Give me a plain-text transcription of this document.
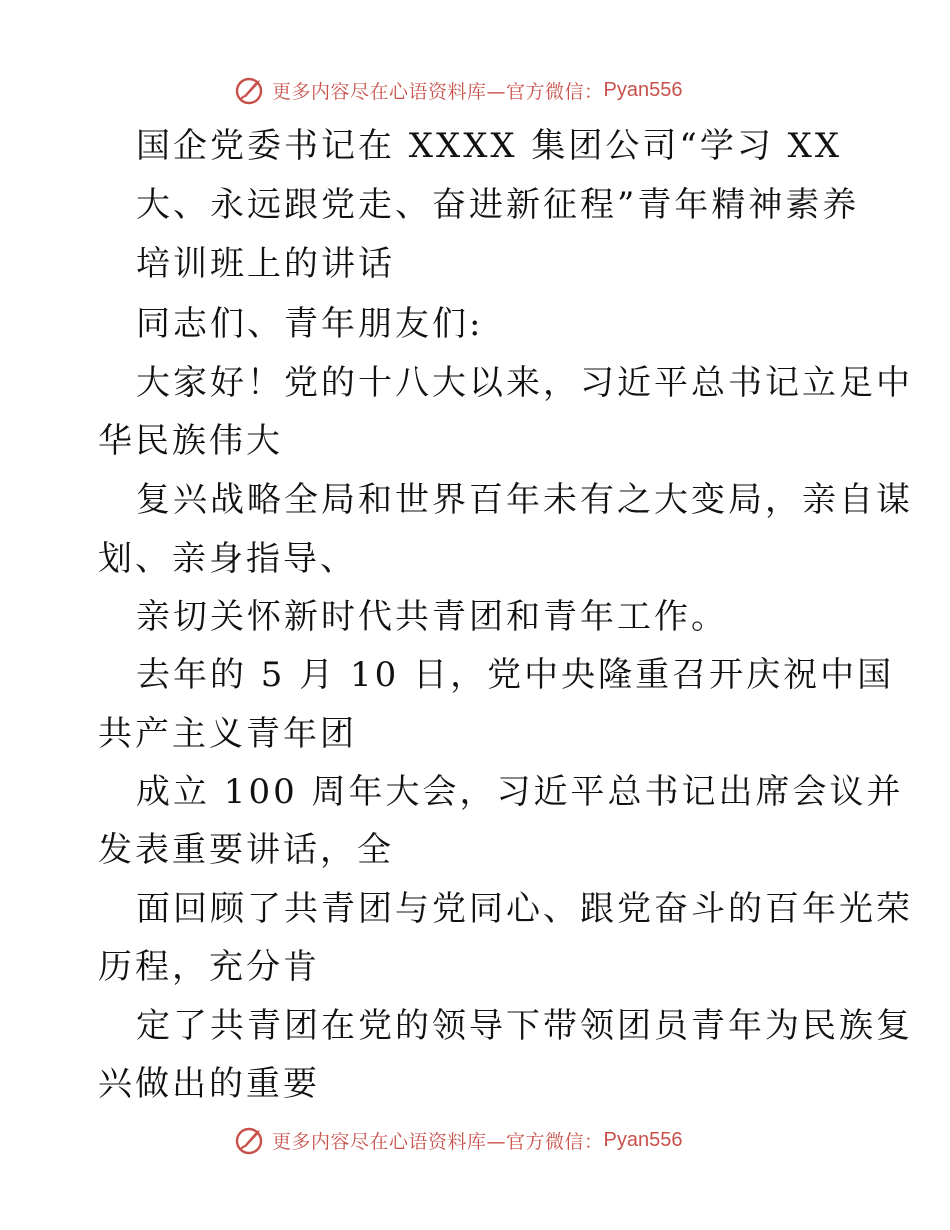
更多内容尽在心语资料库—官方微信： Pyan556
国企党委书记在 XXXX 集团公司“学习 XX
大、永远跟党走、奋进新征程”青年精神素养
培训班上的讲话
同志们、青年朋友们:
大家好！党的十八大以来，习近平总书记立足中
华民族伟大
复兴战略全局和世界百年未有之大变局，亲自谋
划、亲身指导、
亲切关怀新时代共青团和青年工作。
去年的 5 月 10 日，党中央隆重召开庆祝中国
共产主义青年团
成立 100 周年大会，习近平总书记出席会议并
发表重要讲话，全
面回顾了共青团与党同心、跟党奋斗的百年光荣
历程，充分肯
定了共青团在党的领导下带领团员青年为民族复
兴做出的重要
更多内容尽在心语资料库—官方微信： Pyan556
